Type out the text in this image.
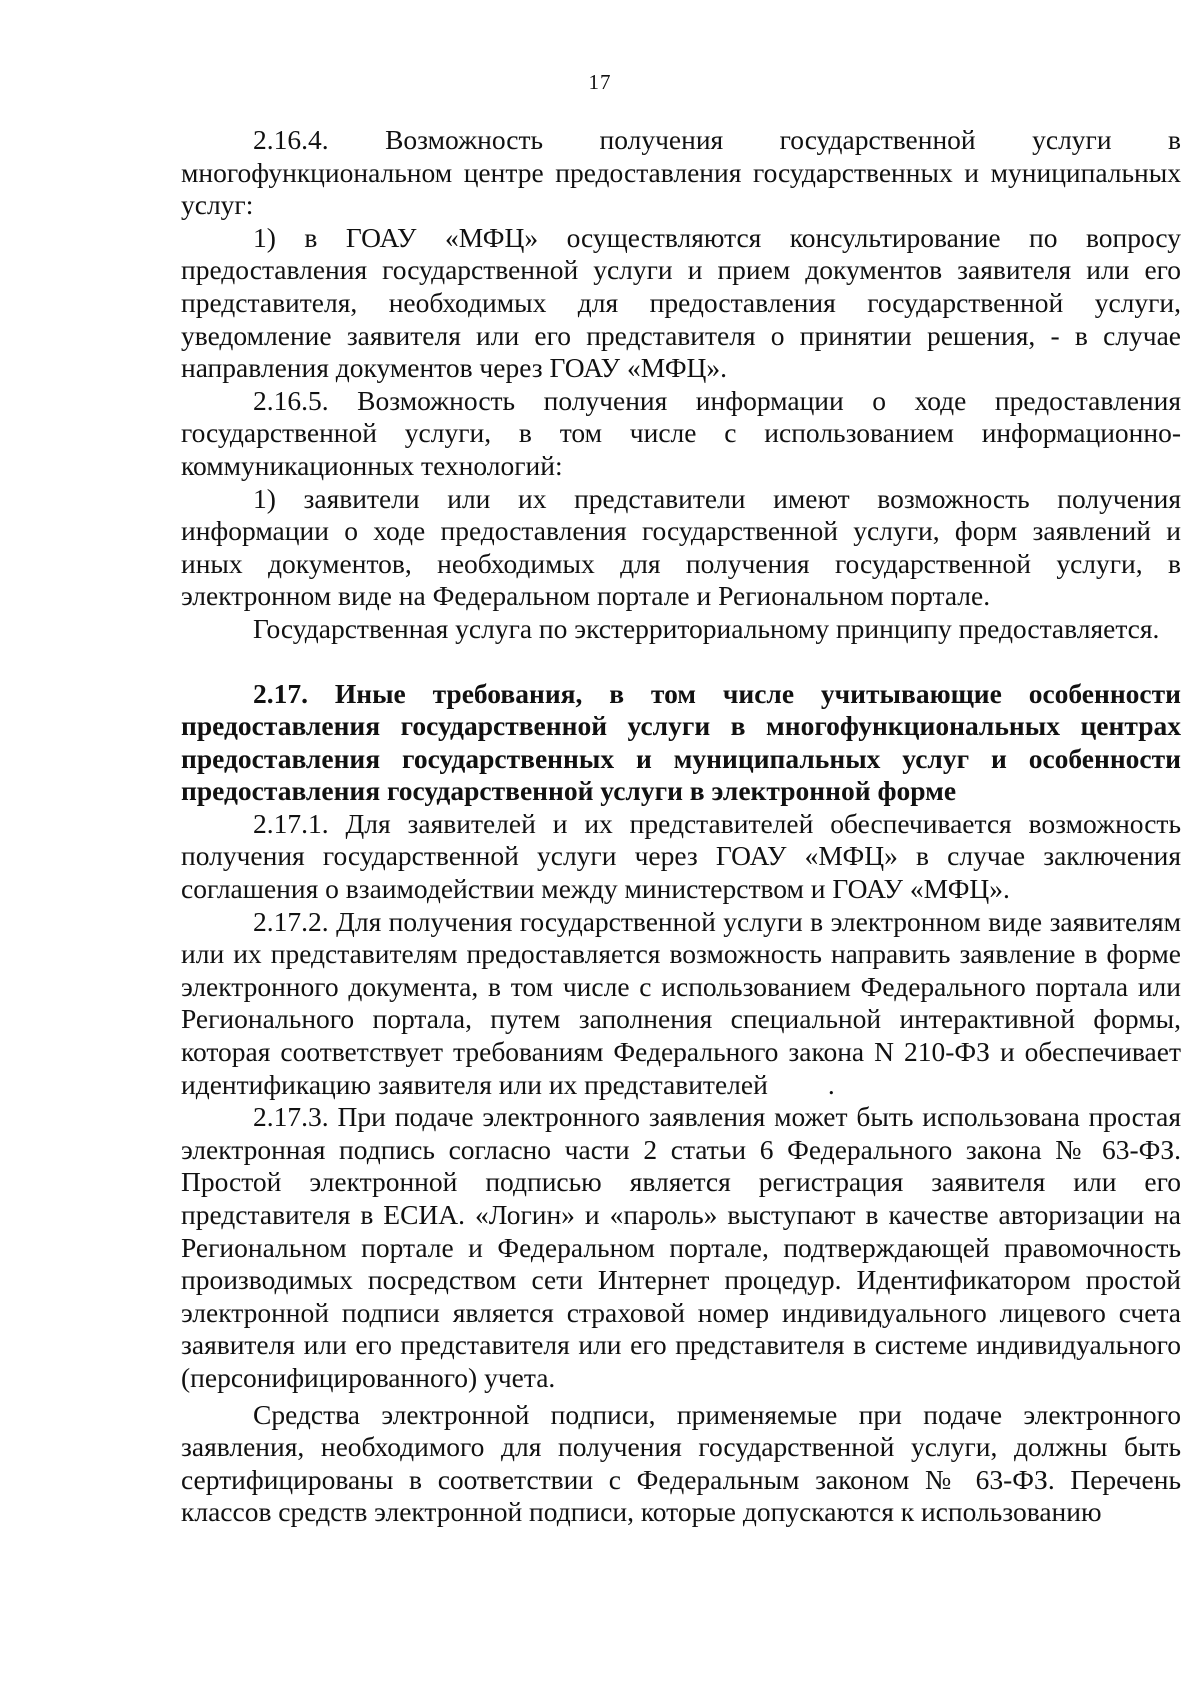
17

2.16.4. Возможность получения государственной услуги в многофункциональном центре предоставления государственных и муниципальных услуг:

1) в ГОАУ «МФЦ» осуществляются консультирование по вопросу предоставления государственной услуги и прием документов заявителя или его представителя, необходимых для предоставления государственной услуги, уведомление заявителя или его представителя о принятии решения, - в случае направления документов через ГОАУ «МФЦ».

2.16.5. Возможность получения информации о ходе предоставления государственной услуги, в том числе с использованием информационно-коммуникационных технологий:

1) заявители или их представители имеют возможность получения информации о ходе предоставления государственной услуги, форм заявлений и иных документов, необходимых для получения государственной услуги, в электронном виде на Федеральном портале и Региональном портале.

Государственная услуга по экстерриториальному принципу предоставляется.

2.17. Иные требования, в том числе учитывающие особенности предоставления государственной услуги в многофункциональных центрах предоставления государственных и муниципальных услуг и особенности предоставления государственной услуги в электронной форме

2.17.1. Для заявителей и их представителей обеспечивается возможность получения государственной услуги через ГОАУ «МФЦ» в случае заключения соглашения о взаимодействии между министерством и ГОАУ «МФЦ».

2.17.2. Для получения государственной услуги в электронном виде заявителям или их представителям предоставляется возможность направить заявление в форме электронного документа, в том числе с использованием Федерального портала или Регионального портала, путем заполнения специальной интерактивной формы, которая соответствует требованиям Федерального закона N 210-ФЗ и обеспечивает идентификацию заявителя или их представителей .

2.17.3. При подаче электронного заявления может быть использована простая электронная подпись согласно части 2 статьи 6 Федерального закона № 63-ФЗ. Простой электронной подписью является регистрация заявителя или его представителя в ЕСИА. «Логин» и «пароль» выступают в качестве авторизации на Региональном портале и Федеральном портале, подтверждающей правомочность производимых посредством сети Интернет процедур. Идентификатором простой электронной подписи является страховой номер индивидуального лицевого счета заявителя или его представителя или его представителя в системе индивидуального (персонифицированного) учета.

Средства электронной подписи, применяемые при подаче электронного заявления, необходимого для получения государственной услуги, должны быть сертифицированы в соответствии с Федеральным законом № 63-ФЗ. Перечень классов средств электронной подписи, которые допускаются к использованию
